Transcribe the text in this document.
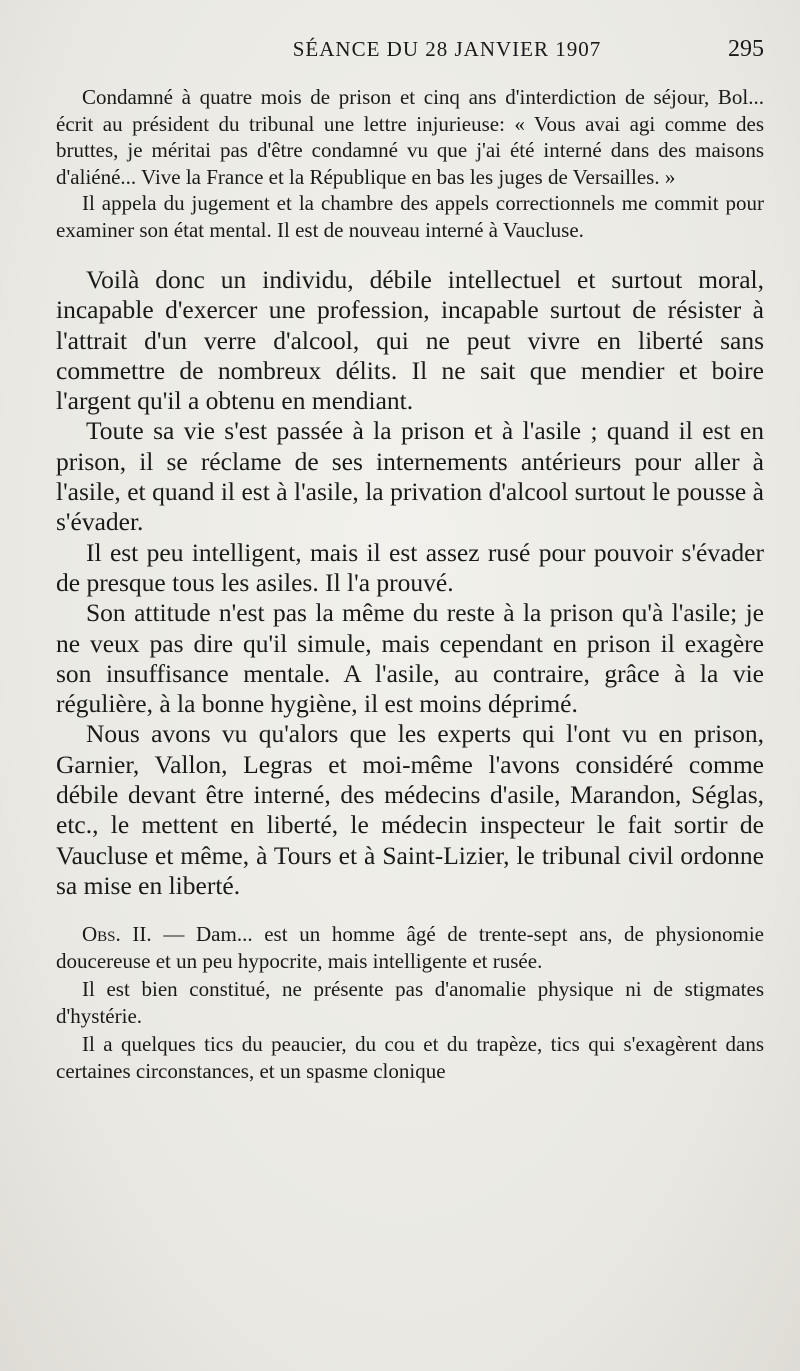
SÉANCE DU 28 JANVIER 1907	295

Condamné à quatre mois de prison et cinq ans d'interdiction de séjour, Bol... écrit au président du tribunal une lettre injurieuse: « Vous avai agi comme des bruttes, je méritai pas d'être condamné vu que j'ai été interné dans des maisons d'aliéné... Vive la France et la République en bas les juges de Versailles. »

Il appela du jugement et la chambre des appels correctionnels me commit pour examiner son état mental. Il est de nouveau interné à Vaucluse.

Voilà donc un individu, débile intellectuel et surtout moral, incapable d'exercer une profession, incapable surtout de résister à l'attrait d'un verre d'alcool, qui ne peut vivre en liberté sans commettre de nombreux délits. Il ne sait que mendier et boire l'argent qu'il a obtenu en mendiant.

Toute sa vie s'est passée à la prison et à l'asile ; quand il est en prison, il se réclame de ses internements antérieurs pour aller à l'asile, et quand il est à l'asile, la privation d'alcool surtout le pousse à s'évader.

Il est peu intelligent, mais il est assez rusé pour pouvoir s'évader de presque tous les asiles. Il l'a prouvé.

Son attitude n'est pas la même du reste à la prison qu'à l'asile; je ne veux pas dire qu'il simule, mais cependant en prison il exagère son insuffisance mentale. A l'asile, au contraire, grâce à la vie régulière, à la bonne hygiène, il est moins déprimé.

Nous avons vu qu'alors que les experts qui l'ont vu en prison, Garnier, Vallon, Legras et moi-même l'avons considéré comme débile devant être interné, des médecins d'asile, Marandon, Séglas, etc., le mettent en liberté, le médecin inspecteur le fait sortir de Vaucluse et même, à Tours et à Saint-Lizier, le tribunal civil ordonne sa mise en liberté.

Obs. II. — Dam... est un homme âgé de trente-sept ans, de physionomie doucereuse et un peu hypocrite, mais intelligente et rusée.

Il est bien constitué, ne présente pas d'anomalie physique ni de stigmates d'hystérie.

Il a quelques tics du peaucier, du cou et du trapèze, tics qui s'exagèrent dans certaines circonstances, et un spasme clonique
